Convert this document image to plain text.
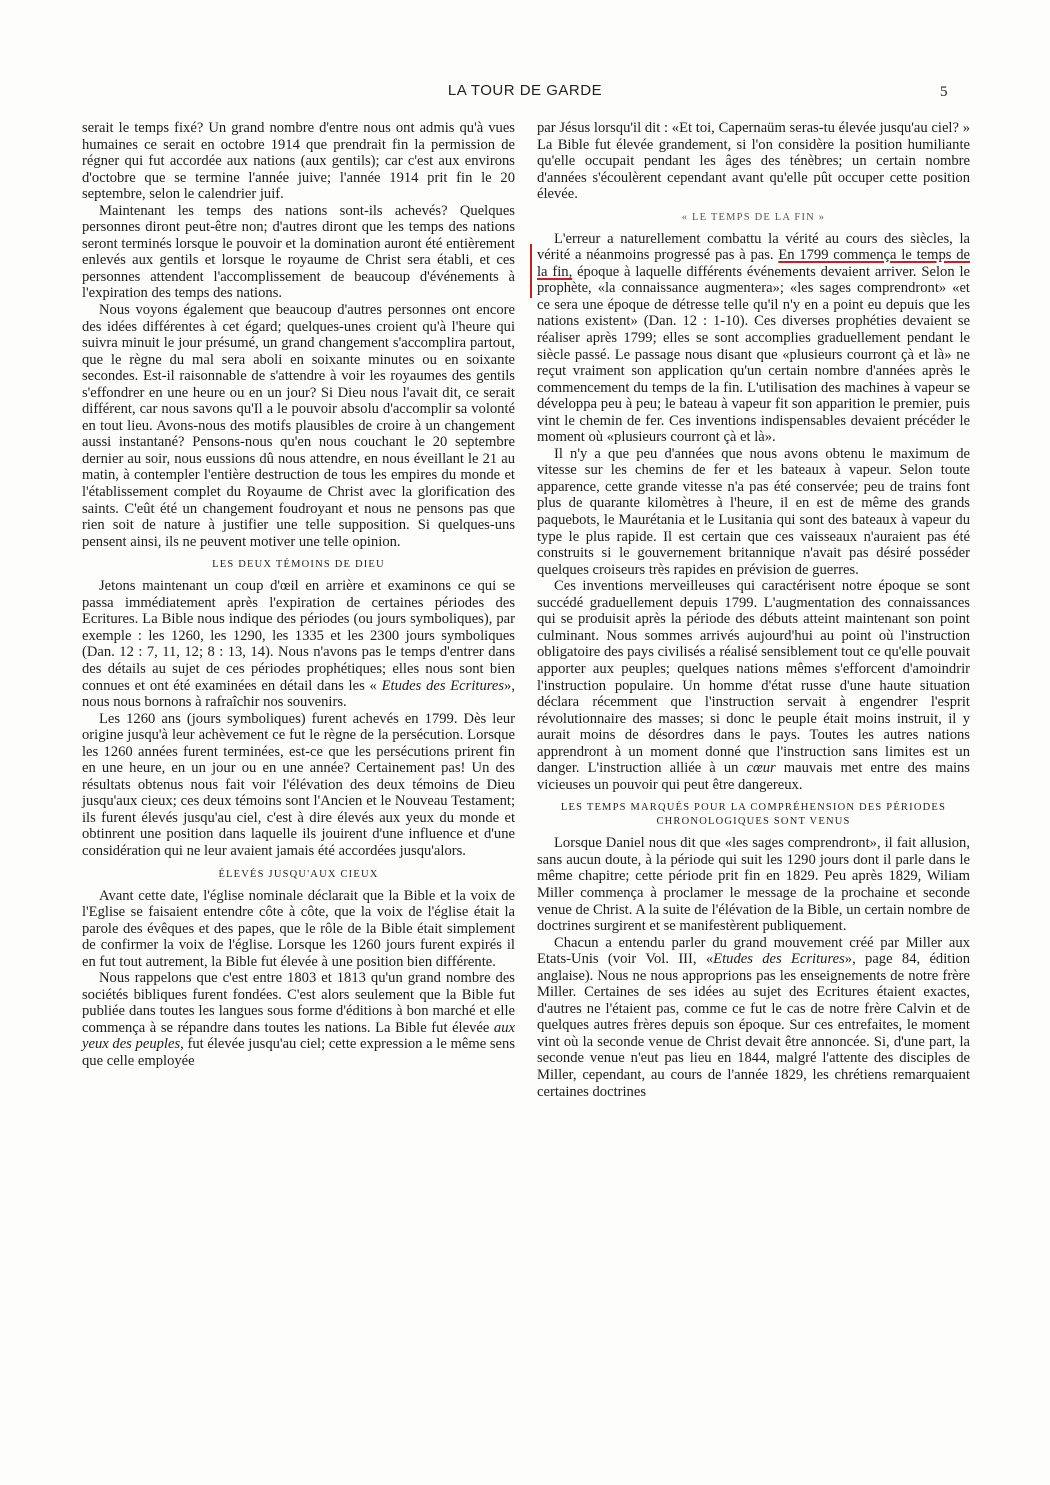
LA TOUR DE GARDE	5

serait le temps fixé? Un grand nombre d'entre nous ont admis qu'à vues humaines ce serait en octobre 1914 que prendrait fin la permission de régner qui fut accordée aux nations (aux gentils); car c'est aux environs d'octobre que se termine l'année juive; l'année 1914 prit fin le 20 septembre, selon le calendrier juif.

Maintenant les temps des nations sont-ils achevés? Quelques personnes diront peut-être non; d'autres diront que les temps des nations seront terminés lorsque le pouvoir et la domination auront été entièrement enlevés aux gentils et lorsque le royaume de Christ sera établi, et ces personnes attendent l'accomplissement de beaucoup d'événements à l'expiration des temps des nations.

Nous voyons également que beaucoup d'autres personnes ont encore des idées différentes à cet égard; quelques-unes croient qu'à l'heure qui suivra minuit le jour présumé, un grand changement s'accomplira partout, que le règne du mal sera aboli en soixante minutes ou en soixante secondes. Est-il raisonnable de s'attendre à voir les royaumes des gentils s'effondrer en une heure ou en un jour? Si Dieu nous l'avait dit, ce serait différent, car nous savons qu'Il a le pouvoir absolu d'accomplir sa volonté en tout lieu. Avons-nous des motifs plausibles de croire à un changement aussi instantané? Pensons-nous qu'en nous couchant le 20 septembre dernier au soir, nous eussions dû nous attendre, en nous éveillant le 21 au matin, à contempler l'entière destruction de tous les empires du monde et l'établissement complet du Royaume de Christ avec la glorification des saints. C'eût été un changement foudroyant et nous ne pensons pas que rien soit de nature à justifier une telle supposition. Si quelques-uns pensent ainsi, ils ne peuvent motiver une telle opinion.

LES DEUX TÉMOINS DE DIEU

Jetons maintenant un coup d'œil en arrière et examinons ce qui se passa immédiatement après l'expiration de certaines périodes des Ecritures. La Bible nous indique des périodes (ou jours symboliques), par exemple : les 1260, les 1290, les 1335 et les 2300 jours symboliques (Dan. 12 : 7, 11, 12; 8 : 13, 14). Nous n'avons pas le temps d'entrer dans des détails au sujet de ces périodes prophétiques; elles nous sont bien connues et ont été examinées en détail dans les « Etudes des Ecritures», nous nous bornons à rafraîchir nos souvenirs.

Les 1260 ans (jours symboliques) furent achevés en 1799. Dès leur origine jusqu'à leur achèvement ce fut le règne de la persécution. Lorsque les 1260 années furent terminées, est-ce que les persécutions prirent fin en une heure, en un jour ou en une année? Certainement pas! Un des résultats obtenus nous fait voir l'élévation des deux témoins de Dieu jusqu'aux cieux; ces deux témoins sont l'Ancien et le Nouveau Testament; ils furent élevés jusqu'au ciel, c'est à dire élevés aux yeux du monde et obtinrent une position dans laquelle ils jouirent d'une influence et d'une considération qui ne leur avaient jamais été accordées jusqu'alors.

ÉLEVÉS JUSQU'AUX CIEUX

Avant cette date, l'église nominale déclarait que la Bible et la voix de l'Eglise se faisaient entendre côte à côte, que la voix de l'église était la parole des évêques et des papes, que le rôle de la Bible était simplement de confirmer la voix de l'église. Lorsque les 1260 jours furent expirés il en fut tout autrement, la Bible fut élevée à une position bien différente.

Nous rappelons que c'est entre 1803 et 1813 qu'un grand nombre des sociétés bibliques furent fondées. C'est alors seulement que la Bible fut publiée dans toutes les langues sous forme d'éditions à bon marché et elle commença à se répandre dans toutes les nations. La Bible fut élevée aux yeux des peuples, fut élevée jusqu'au ciel; cette expression a le même sens que celle employée

par Jésus lorsqu'il dit : «Et toi, Capernaüm seras-tu élevée jusqu'au ciel? » La Bible fut élevée grandement, si l'on considère la position humiliante qu'elle occupait pendant les âges des ténèbres; un certain nombre d'années s'écoulèrent cependant avant qu'elle pût occuper cette position élevée.

« LE TEMPS DE LA FIN »

L'erreur a naturellement combattu la vérité au cours des siècles, la vérité a néanmoins progressé pas à pas. En 1799 commença le temps de la fin, époque à laquelle différents événements devaient arriver. Selon le prophète, «la connaissance augmentera»; «les sages comprendront» «et ce sera une époque de détresse telle qu'il n'y en a point eu depuis que les nations existent» (Dan. 12 : 1-10). Ces diverses prophéties devaient se réaliser après 1799; elles se sont accomplies graduellement pendant le siècle passé. Le passage nous disant que «plusieurs courront çà et là» ne reçut vraiment son application qu'un certain nombre d'années après le commencement du temps de la fin. L'utilisation des machines à vapeur se développa peu à peu; le bateau à vapeur fit son apparition le premier, puis vint le chemin de fer. Ces inventions indispensables devaient précéder le moment où «plusieurs courront çà et là».

Il n'y a que peu d'années que nous avons obtenu le maximum de vitesse sur les chemins de fer et les bateaux à vapeur. Selon toute apparence, cette grande vitesse n'a pas été conservée; peu de trains font plus de quarante kilomètres à l'heure, il en est de même des grands paquebots, le Maurétania et le Lusitania qui sont des bateaux à vapeur du type le plus rapide. Il est certain que ces vaisseaux n'auraient pas été construits si le gouvernement britannique n'avait pas désiré posséder quelques croiseurs très rapides en prévision de guerres.

Ces inventions merveilleuses qui caractérisent notre époque se sont succédé graduellement depuis 1799. L'augmentation des connaissances qui se produisit après la période des débuts atteint maintenant son point culminant. Nous sommes arrivés aujourd'hui au point où l'instruction obligatoire des pays civilisés a réalisé sensiblement tout ce qu'elle pouvait apporter aux peuples; quelques nations mêmes s'efforcent d'amoindrir l'instruction populaire. Un homme d'état russe d'une haute situation déclara récemment que l'instruction servait à engendrer l'esprit révolutionnaire des masses; si donc le peuple était moins instruit, il y aurait moins de désordres dans le pays. Toutes les autres nations apprendront à un moment donné que l'instruction sans limites est un danger. L'instruction alliée à un cœur mauvais met entre des mains vicieuses un pouvoir qui peut être dangereux.

LES TEMPS MARQUÉS POUR LA COMPRÉHENSION DES PÉRIODES CHRONOLOGIQUES SONT VENUS

Lorsque Daniel nous dit que «les sages comprendront», il fait allusion, sans aucun doute, à la période qui suit les 1290 jours dont il parle dans le même chapitre; cette période prit fin en 1829. Peu après 1829, Wiliam Miller commença à proclamer le message de la prochaine et seconde venue de Christ. A la suite de l'élévation de la Bible, un certain nombre de doctrines surgirent et se manifestèrent publiquement.

Chacun a entendu parler du grand mouvement créé par Miller aux Etats-Unis (voir Vol. III, «Etudes des Ecritures», page 84, édition anglaise). Nous ne nous approprions pas les enseignements de notre frère Miller. Certaines de ses idées au sujet des Ecritures étaient exactes, d'autres ne l'étaient pas, comme ce fut le cas de notre frère Calvin et de quelques autres frères depuis son époque. Sur ces entrefaites, le moment vint où la seconde venue de Christ devait être annoncée. Si, d'une part, la seconde venue n'eut pas lieu en 1844, malgré l'attente des disciples de Miller, cependant, au cours de l'année 1829, les chrétiens remarquaient certaines doctrines
